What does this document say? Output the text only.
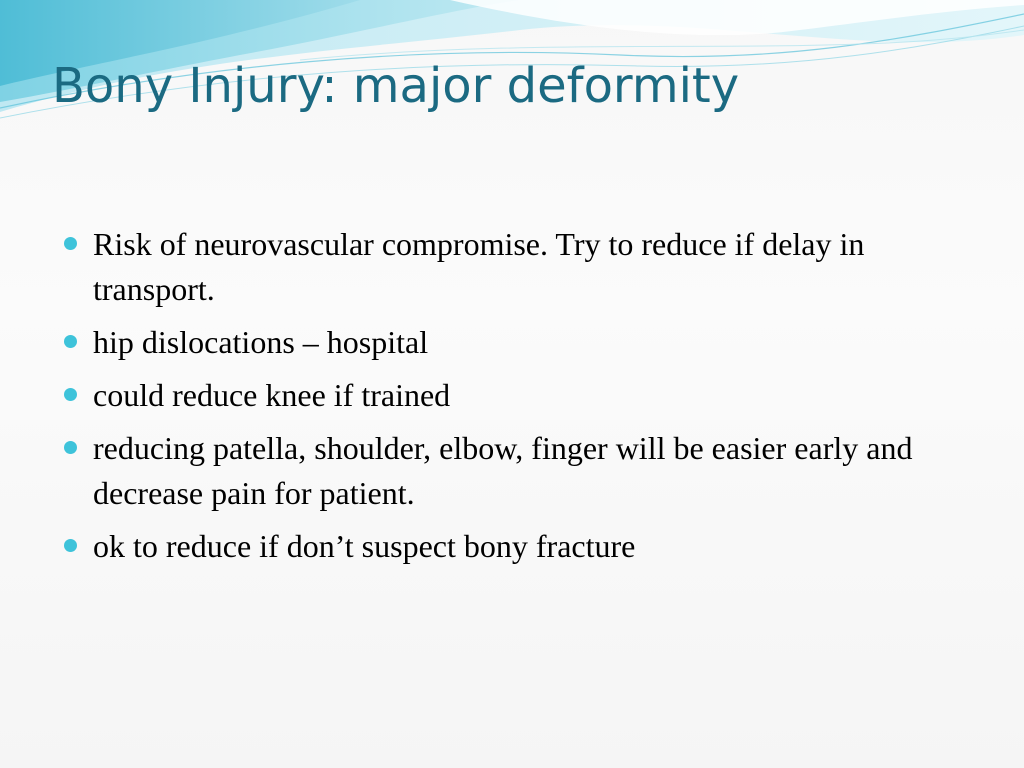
Bony Injury: major deformity
Risk of neurovascular compromise. Try to reduce if delay in transport.
hip dislocations – hospital
could reduce knee if trained
reducing patella, shoulder, elbow, finger will be easier early and decrease pain for patient.
ok to reduce if don’t suspect bony fracture
